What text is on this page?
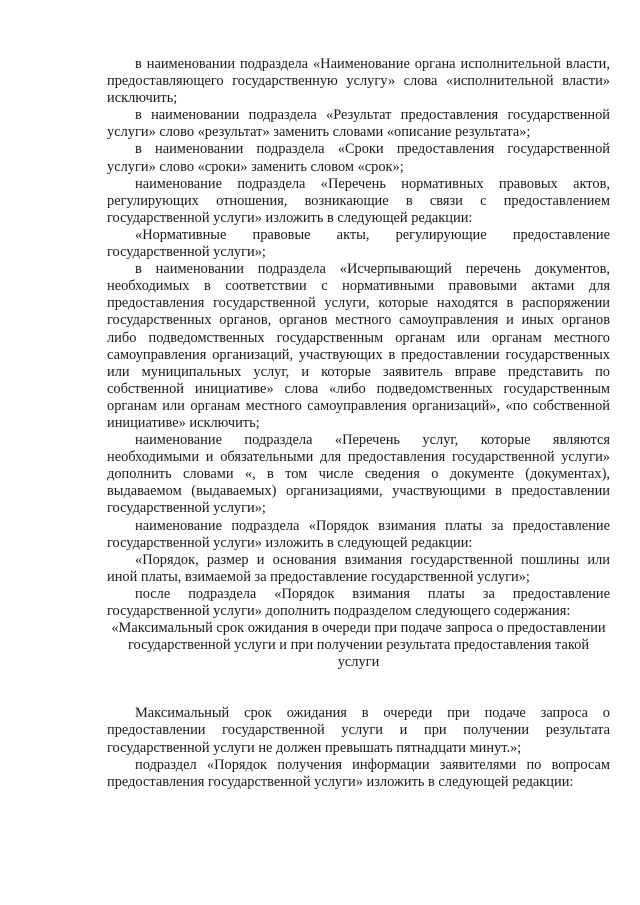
в наименовании подраздела «Наименование органа исполнительной власти, предоставляющего государственную услугу» слова «исполнительной власти» исключить;

в наименовании подраздела «Результат предоставления государственной услуги» слово «результат» заменить словами «описание результата»;

в наименовании подраздела «Сроки предоставления государственной услуги» слово «сроки» заменить словом «срок»;

наименование подраздела «Перечень нормативных правовых актов, регулирующих отношения, возникающие в связи с предоставлением государственной услуги» изложить в следующей редакции:

«Нормативные правовые акты, регулирующие предоставление государственной услуги»;

в наименовании подраздела «Исчерпывающий перечень документов, необходимых в соответствии с нормативными правовыми актами для предоставления государственной услуги, которые находятся в распоряжении государственных органов, органов местного самоуправления и иных органов либо подведомственных государственным органам или органам местного самоуправления организаций, участвующих в предоставлении государственных или муниципальных услуг, и которые заявитель вправе представить по собственной инициативе» слова «либо подведомственных государственным органам или органам местного самоуправления организаций», «по собственной инициативе» исключить;

наименование подраздела «Перечень услуг, которые являются необходимыми и обязательными для предоставления государственной услуги» дополнить словами «, в том числе сведения о документе (документах), выдаваемом (выдаваемых) организациями, участвующими в предоставлении государственной услуги»;

наименование подраздела «Порядок взимания платы за предоставление государственной услуги» изложить в следующей редакции:

«Порядок, размер и основания взимания государственной пошлины или иной платы, взимаемой за предоставление государственной услуги»;

после подраздела «Порядок взимания платы за предоставление государственной услуги» дополнить подразделом следующего содержания:

«Максимальный срок ожидания в очереди при подаче запроса о предоставлении государственной услуги и при получении результата предоставления такой услуги

Максимальный срок ожидания в очереди при подаче запроса о предоставлении государственной услуги и при получении результата государственной услуги не должен превышать пятнадцати минут.»;

подраздел «Порядок получения информации заявителями по вопросам предоставления государственной услуги» изложить в следующей редакции:
